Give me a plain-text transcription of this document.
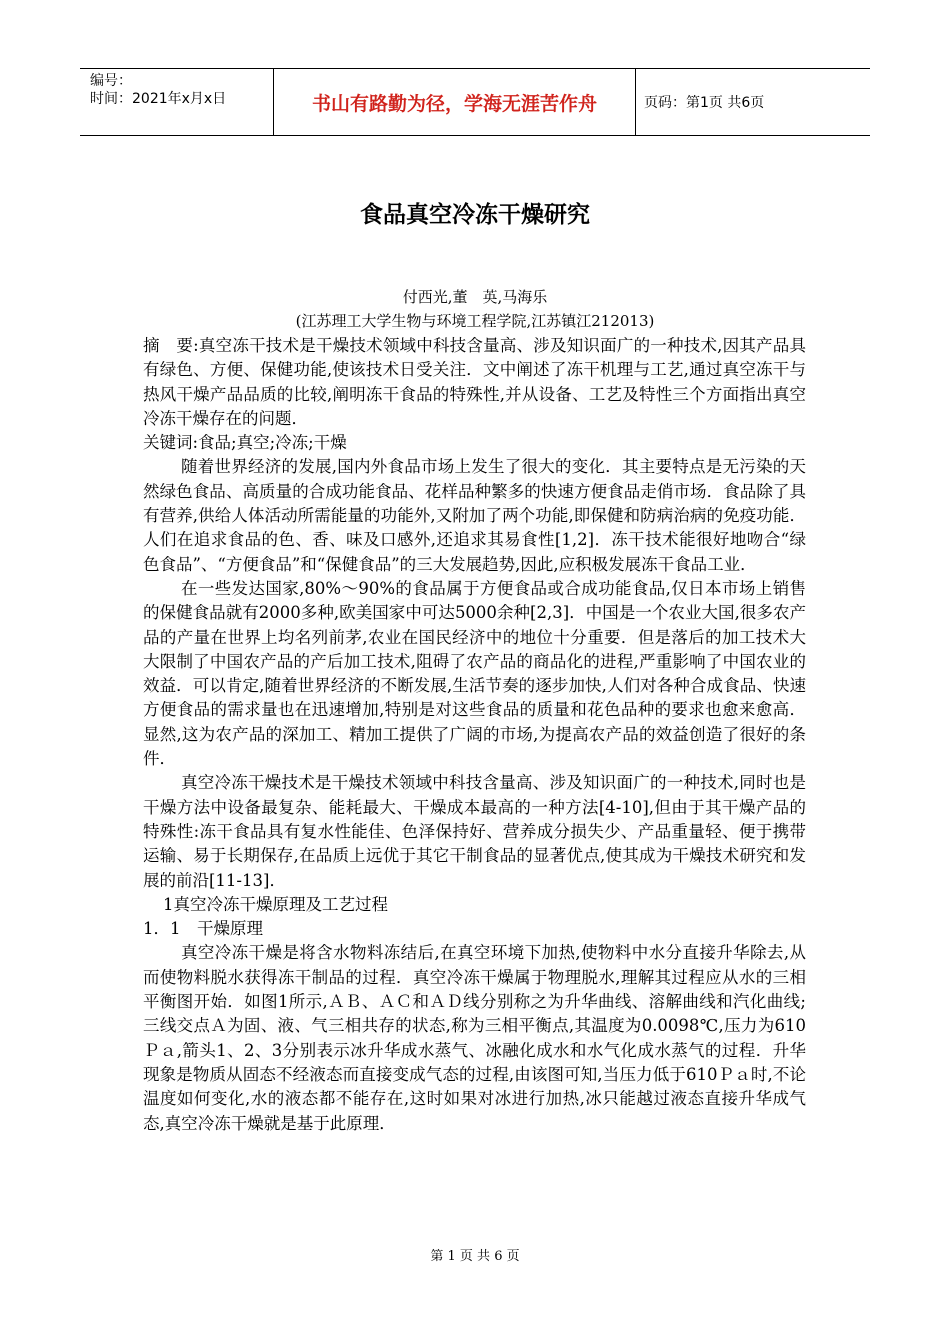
编号：
时间：2021年x月x日	书山有路勤为径，学海无涯苦作舟	页码：第1页 共6页
食品真空冷冻干燥研究
付西光,董　英,马海乐
(江苏理工大学生物与环境工程学院,江苏镇江212013)

摘　要:真空冻干技术是干燥技术领域中科技含量高、涉及知识面广的一种技术,因其产品具有绿色、方便、保健功能,使该技术日受关注．文中阐述了冻干机理与工艺,通过真空冻干与热风干燥产品品质的比较,阐明冻干食品的特殊性,并从设备、工艺及特性三个方面指出真空冷冻干燥存在的问题．

关键词:食品;真空;冷冻;干燥

随着世界经济的发展,国内外食品市场上发生了很大的变化．其主要特点是无污染的天然绿色食品、高质量的合成功能食品、花样品种繁多的快速方便食品走俏市场．食品除了具有营养,供给人体活动所需能量的功能外,又附加了两个功能,即保健和防病治病的免疫功能．人们在追求食品的色、香、味及口感外,还追求其易食性[1,2]．冻干技术能很好地吻合“绿色食品”、“方便食品”和“保健食品”的三大发展趋势,因此,应积极发展冻干食品工业．

在一些发达国家,80%～90%的食品属于方便食品或合成功能食品,仅日本市场上销售的保健食品就有2000多种,欧美国家中可达5000余种[2,3]．中国是一个农业大国,很多农产品的产量在世界上均名列前茅,农业在国民经济中的地位十分重要．但是落后的加工技术大大限制了中国农产品的产后加工技术,阻碍了农产品的商品化的进程,严重影响了中国农业的效益．可以肯定,随着世界经济的不断发展,生活节奏的逐步加快,人们对各种合成食品、快速方便食品的需求量也在迅速增加,特别是对这些食品的质量和花色品种的要求也愈来愈高．显然,这为农产品的深加工、精加工提供了广阔的市场,为提高农产品的效益创造了很好的条件．

真空冷冻干燥技术是干燥技术领域中科技含量高、涉及知识面广的一种技术,同时也是干燥方法中设备最复杂、能耗最大、干燥成本最高的一种方法[4-10],但由于其干燥产品的特殊性:冻干食品具有复水性能佳、色泽保持好、营养成分损失少、产品重量轻、便于携带运输、易于长期保存,在品质上远优于其它干制食品的显著优点,使其成为干燥技术研究和发展的前沿[11-13]．

1真空冷冻干燥原理及工艺过程

1．1　干燥原理

真空冷冻干燥是将含水物料冻结后,在真空环境下加热,使物料中水分直接升华除去,从而使物料脱水获得冻干制品的过程．真空冷冻干燥属于物理脱水,理解其过程应从水的三相平衡图开始．如图1所示,ＡＢ、ＡＣ和ＡＤ线分别称之为升华曲线、溶解曲线和汽化曲线;三线交点Ａ为固、液、气三相共存的状态,称为三相平衡点,其温度为0.0098℃,压力为610Ｐａ,箭头1、2、3分别表示冰升华成水蒸气、冰融化成水和水气化成水蒸气的过程．升华现象是物质从固态不经液态而直接变成气态的过程,由该图可知,当压力低于610Ｐａ时,不论温度如何变化,水的液态都不能存在,这时如果对冰进行加热,冰只能越过液态直接升华成气态,真空冷冻干燥就是基于此原理．

第 1 页 共 6 页
